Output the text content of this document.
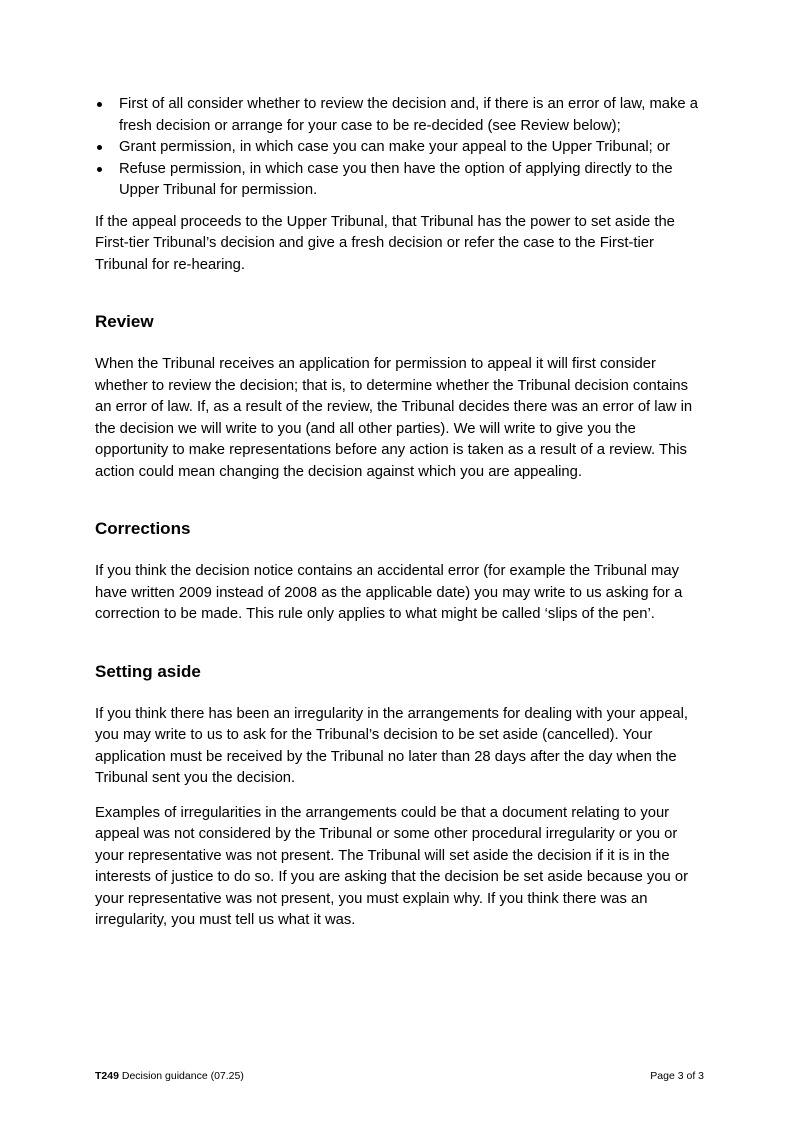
First of all consider whether to review the decision and, if there is an error of law, make a fresh decision or arrange for your case to be re-decided (see Review below);
Grant permission, in which case you can make your appeal to the Upper Tribunal; or
Refuse permission, in which case you then have the option of applying directly to the Upper Tribunal for permission.

If the appeal proceeds to the Upper Tribunal, that Tribunal has the power to set aside the First-tier Tribunal’s decision and give a fresh decision or refer the case to the First-tier Tribunal for re-hearing.

Review

When the Tribunal receives an application for permission to appeal it will first consider whether to review the decision; that is, to determine whether the Tribunal decision contains an error of law. If, as a result of the review, the Tribunal decides there was an error of law in the decision we will write to you (and all other parties). We will write to give you the opportunity to make representations before any action is taken as a result of a review. This action could mean changing the decision against which you are appealing.

Corrections

If you think the decision notice contains an accidental error (for example the Tribunal may have written 2009 instead of 2008 as the applicable date) you may write to us asking for a correction to be made. This rule only applies to what might be called ‘slips of the pen’.

Setting aside

If you think there has been an irregularity in the arrangements for dealing with your appeal, you may write to us to ask for the Tribunal’s decision to be set aside (cancelled). Your application must be received by the Tribunal no later than 28 days after the day when the Tribunal sent you the decision.

Examples of irregularities in the arrangements could be that a document relating to your appeal was not considered by the Tribunal or some other procedural irregularity or you or your representative was not present. The Tribunal will set aside the decision if it is in the interests of justice to do so. If you are asking that the decision be set aside because you or your representative was not present, you must explain why. If you think there was an irregularity, you must tell us what it was.

T249 Decision guidance (07.25)	Page 3 of 3
